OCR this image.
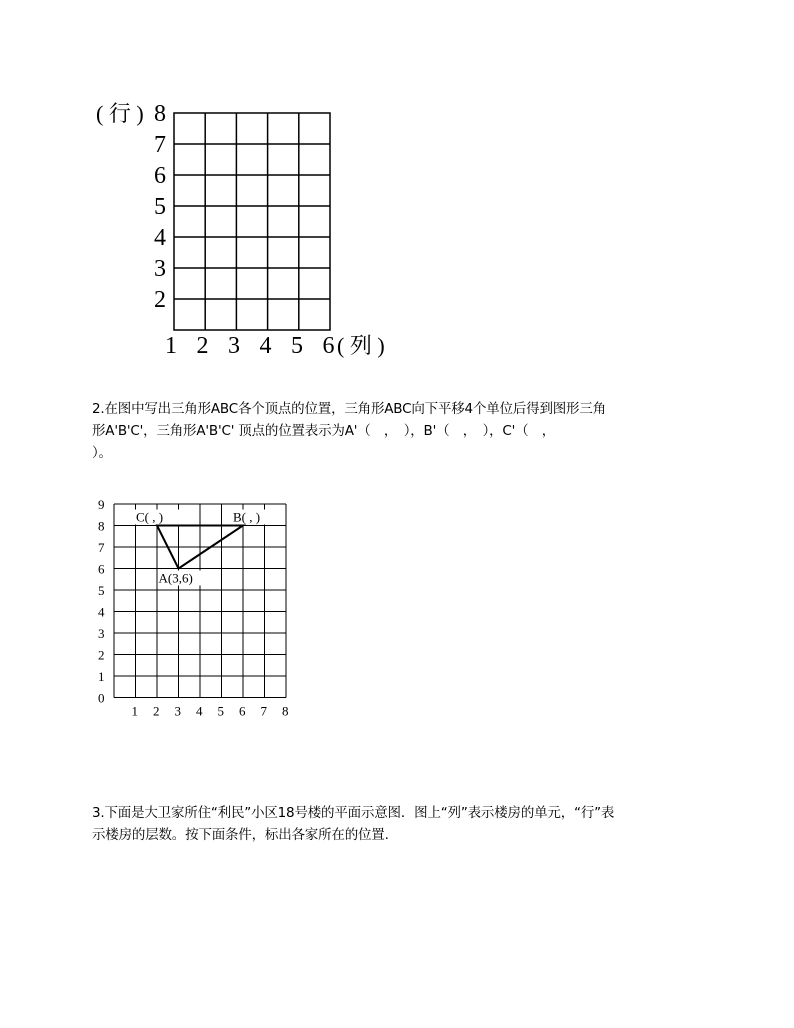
( 行 ) 8
7
6
5
4
3
2
1 2 3 4 5 6 ( 列 )
2.在图中写出三角形ABC各个顶点的位置，三角形ABC向下平移4个单位后得到图形三角
形A'B'C'，三角形A'B'C' 顶点的位置表示为A'（　，　），B'（　，　），C'（　，
）。
9
8
7
6
5
4
3
2
1
0
1 2 3 4 5 6 7 8
C( , )	B( , )
A(3,6)
3.下面是大卫家所住“利民”小区18号楼的平面示意图．图上“列”表示楼房的单元，“行”表
示楼房的层数。按下面条件，标出各家所在的位置.
